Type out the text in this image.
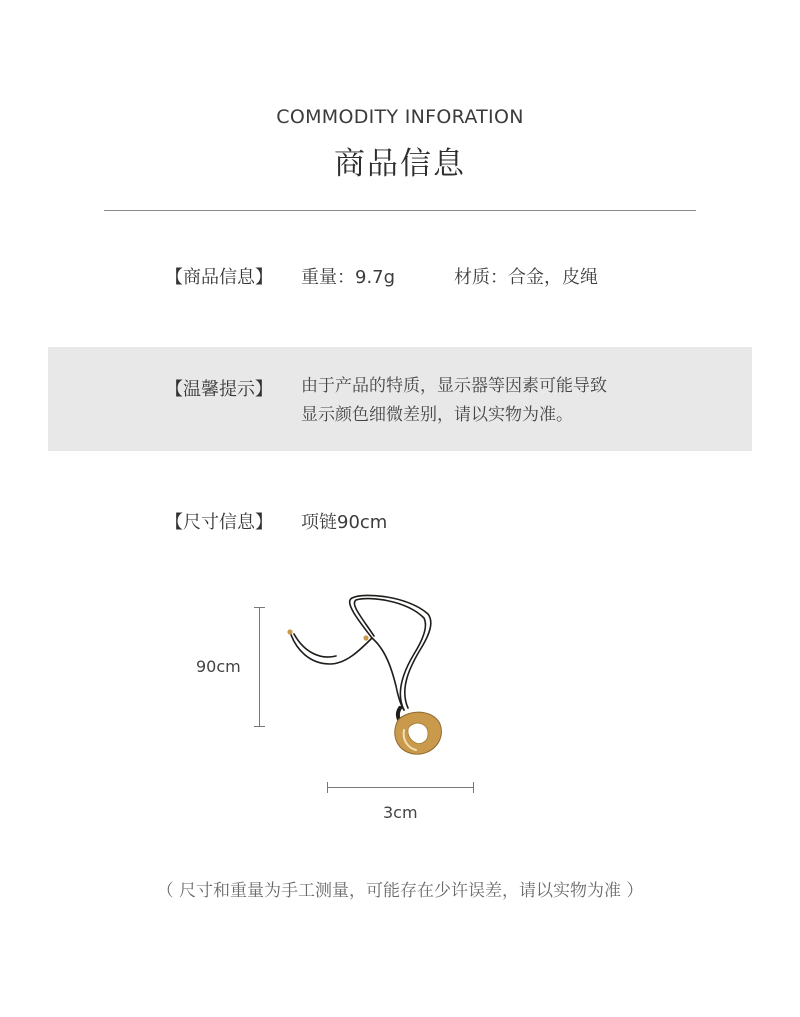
COMMODITY INFORATION
商品信息
【商品信息】 重量：9.7g	材质：合金，皮绳
【温馨提示】 由于产品的特质，显示器等因素可能导致
显示颜色细微差别，请以实物为准。
【尺寸信息】 项链90cm
90cm
3cm
（ 尺寸和重量为手工测量，可能存在少许误差，请以实物为准 ）
